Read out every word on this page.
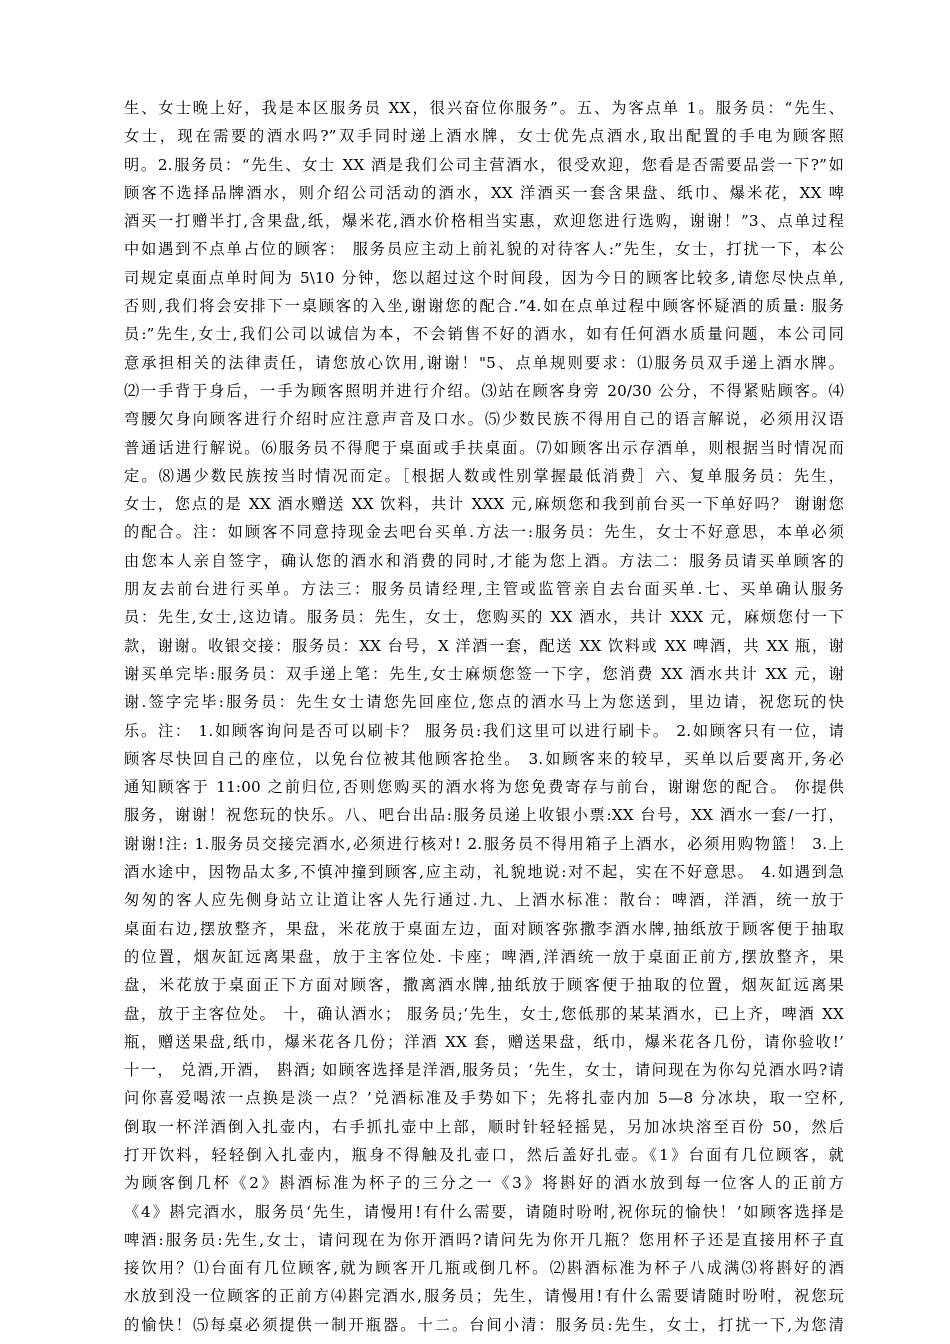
生、女士晚上好，我是本区服务员 XX，很兴奋位你服务”。五、为客点单 1。服务员：“先生、
女士，现在需要的酒水吗?”双手同时递上酒水牌，女士优先点酒水,取出配置的手电为顾客照
明。2.服务员：“先生、女士 XX 酒是我们公司主营酒水，很受欢迎，您看是否需要品尝一下?”如
顾客不选择品牌酒水，则介绍公司活动的酒水，XX 洋酒买一套含果盘、纸巾、爆米花，XX 啤
酒买一打赠半打,含果盘,纸，爆米花,酒水价格相当实惠，欢迎您进行选购，谢谢！”3、点单过程
中如遇到不点单占位的顾客： 服务员应主动上前礼貌的对待客人:”先生，女士，打扰一下，本公
司规定桌面点单时间为 5\10 分钟，您以超过这个时间段，因为今日的顾客比较多,请您尽快点单,
否则,我们将会安排下一桌顾客的入坐,谢谢您的配合.”4.如在点单过程中顾客怀疑酒的质量: 服务
员:”先生,女士,我们公司以诚信为本，不会销售不好的酒水，如有任何酒水质量问题，本公司同
意承担相关的法律责任，请您放心饮用,谢谢！"5、点单规则要求：⑴服务员双手递上酒水牌。
⑵一手背于身后，一手为顾客照明并进行介绍。⑶站在顾客身旁 20/30 公分，不得紧贴顾客。⑷
弯腰欠身向顾客进行介绍时应注意声音及口水。⑸少数民族不得用自己的语言解说，必须用汉语
普通话进行解说。⑹服务员不得爬于桌面或手扶桌面。⑺如顾客出示存酒单，则根据当时情况而
定。⑻遇少数民族按当时情况而定。［根据人数或性别掌握最低消费］六、复单服务员：先生，
女士，您点的是 XX 酒水赠送 XX 饮料，共计 XXX 元,麻烦您和我到前台买一下单好吗？ 谢谢您
的配合。注：如顾客不同意持现金去吧台买单.方法一:服务员：先生，女士不好意思，本单必须
由您本人亲自签字，确认您的酒水和消费的同时,才能为您上酒。方法二：服务员请买单顾客的
朋友去前台进行买单。方法三：服务员请经理,主管或监管亲自去台面买单.七、买单确认服务
员：先生,女士,这边请。服务员：先生，女士，您购买的 XX 酒水，共计 XXX 元，麻烦您付一下
款，谢谢。收银交接：服务员：XX 台号，X 洋酒一套，配送 XX 饮料或 XX 啤酒，共 XX 瓶，谢
谢买单完毕:服务员：双手递上笔：先生,女士麻烦您签一下字，您消费 XX 酒水共计 XX 元，谢
谢.签字完毕:服务员：先生女士请您先回座位,您点的酒水马上为您送到，里边请，祝您玩的快
乐。注： 1.如顾客询问是否可以刷卡？ 服务员:我们这里可以进行刷卡。 2.如顾客只有一位，请
顾客尽快回自己的座位，以免台位被其他顾客抢坐。 3.如顾客来的较早，买单以后要离开,务必
通知顾客于 11:00 之前归位,否则您购买的酒水将为您免费寄存与前台，谢谢您的配合。 你提供
服务，谢谢！祝您玩的快乐。八、吧台出品:服务员递上收银小票:XX 台号，XX 酒水一套/一打，
谢谢!注: 1.服务员交接完酒水,必须进行核对! 2.服务员不得用箱子上酒水，必须用购物篮！ 3.上
酒水途中，因物品太多,不慎冲撞到顾客,应主动，礼貌地说:对不起，实在不好意思。 4.如遇到急
匆匆的客人应先侧身站立让道让客人先行通过.九、上酒水标准：散台：啤酒，洋酒，统一放于
桌面右边,摆放整齐，果盘，米花放于桌面左边，面对顾客弥撒李酒水牌,抽纸放于顾客便于抽取
的位置，烟灰缸远离果盘，放于主客位处. 卡座；啤酒,洋酒统一放于桌面正前方,摆放整齐，果
盘，米花放于桌面正下方面对顾客，撒离酒水牌,抽纸放于顾客便于抽取的位置，烟灰缸远离果
盘，放于主客位处。 十，确认酒水； 服务员;‘先生，女士,您低那的某某酒水，已上齐，啤酒 XX
瓶，赠送果盘,纸巾，爆米花各几份；洋酒 XX 套，赠送果盘，纸巾，爆米花各几份，请你验收!’
十一， 兑酒,开酒， 斟酒; 如顾客选择是洋酒,服务员；‘先生，女士，请问现在为你勾兑酒水吗?请
问你喜爱喝浓一点换是淡一点？’兑酒标准及手势如下；先将扎壶内加 5—8 分冰块，取一空杯,
倒取一杯洋酒倒入扎壶内，右手抓扎壶中上部，顺时针轻轻摇晃，另加冰块溶至百份 50，然后
打开饮料，轻轻倒入扎壶内，瓶身不得触及扎壶口，然后盖好扎壶。《1》台面有几位顾客，就
为顾客倒几杯《2》斟酒标准为杯子的三分之一《3》将斟好的酒水放到每一位客人的正前方
《4》斟完酒水，服务员‘先生，请慢用!有什么需要，请随时吩咐,祝你玩的愉快！’如顾客选择是
啤酒:服务员:先生,女士，请问现在为你开酒吗?请问先为你开几瓶？您用杯子还是直接用杯子直
接饮用？⑴台面有几位顾客,就为顾客开几瓶或倒几杯。⑵斟酒标准为杯子八成满⑶将斟好的酒
水放到没一位顾客的正前方⑷斟完酒水,服务员；先生，请慢用!有什么需要请随时吩咐，祝您玩
的愉快！⑸每桌必须提供一制开瓶器。十二。台间小清：服务员:先生，女士，打扰一下,为您清
